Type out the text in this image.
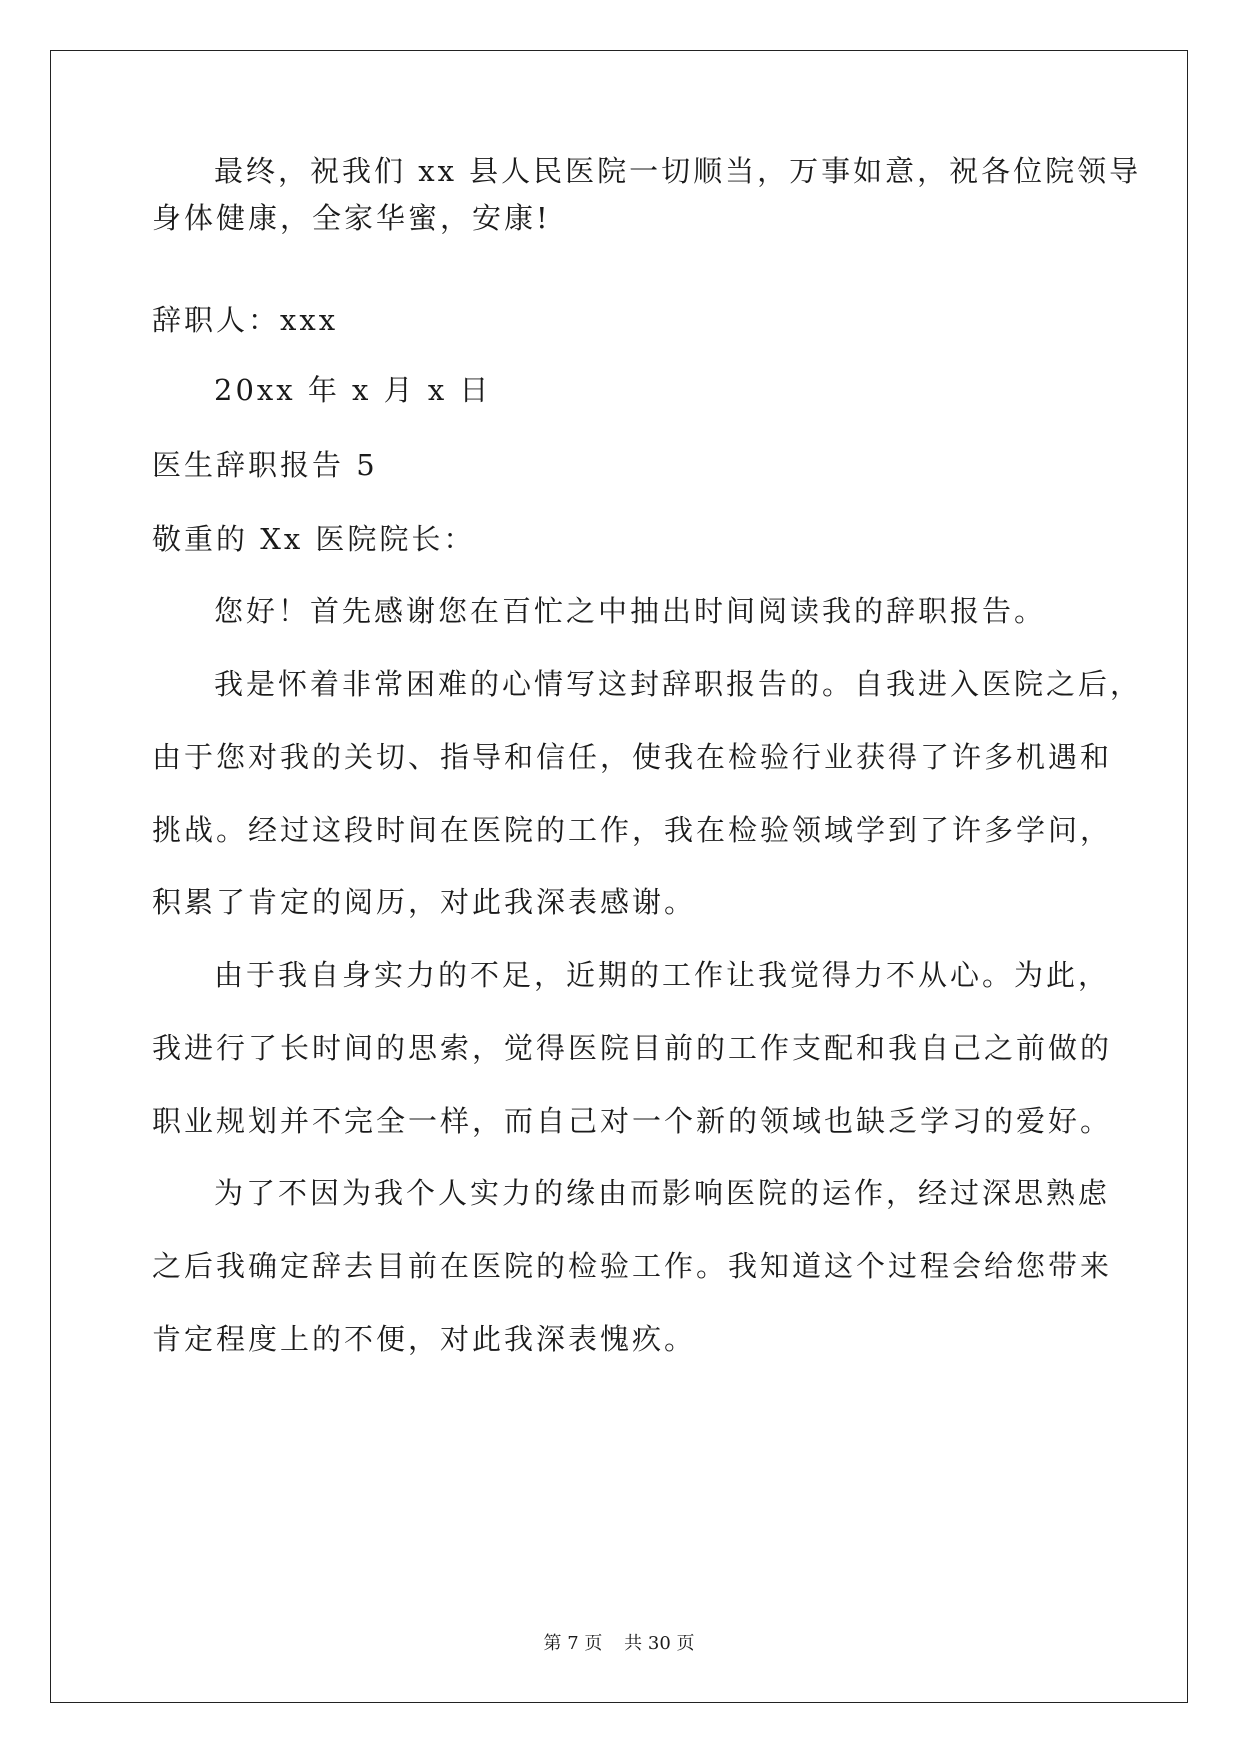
最终，祝我们 xx 县人民医院一切顺当，万事如意，祝各位院领导
身体健康，全家华蜜，安康!
辞职人：xxx
20xx 年 x 月 x 日
医生辞职报告 5
敬重的 Xx 医院院长：
您好！首先感谢您在百忙之中抽出时间阅读我的辞职报告。
我是怀着非常困难的心情写这封辞职报告的。自我进入医院之后，
由于您对我的关切、指导和信任，使我在检验行业获得了许多机遇和
挑战。经过这段时间在医院的工作，我在检验领域学到了许多学问，
积累了肯定的阅历，对此我深表感谢。
由于我自身实力的不足，近期的工作让我觉得力不从心。为此，
我进行了长时间的思索，觉得医院目前的工作支配和我自己之前做的
职业规划并不完全一样，而自己对一个新的领域也缺乏学习的爱好。
为了不因为我个人实力的缘由而影响医院的运作，经过深思熟虑
之后我确定辞去目前在医院的检验工作。我知道这个过程会给您带来
肯定程度上的不便，对此我深表愧疚。
第 7 页 共 30 页
